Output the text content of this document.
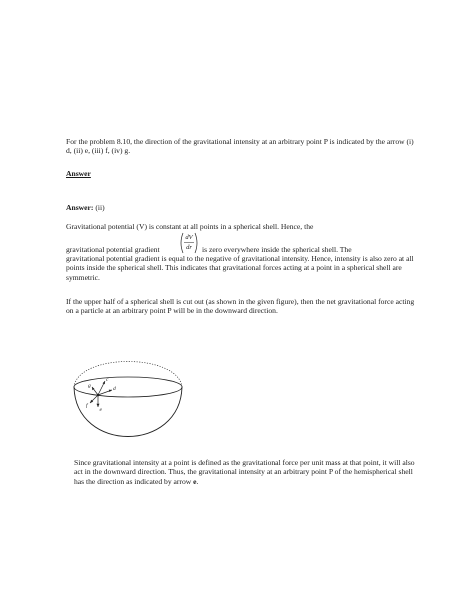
For the problem 8.10, the direction of the gravitational intensity at an arbitrary point P is indicated by the arrow (i) d, (ii) e, (iii) f, (iv) g.
Answer
Answer: (ii)
Gravitational potential (V) is constant at all points in a spherical shell. Hence, the
dV
dr
gravitational potential gradient	is zero everywhere inside the spherical shell. The
gravitational potential gradient is equal to the negative of gravitational intensity. Hence, intensity is also zero at all points inside the spherical shell. This indicates that gravitational forces acting at a point in a spherical shell are symmetric.
If the upper half of a spherical shell is cut out (as shown in the given figure), then the net gravitational force acting on a particle at an arbitrary point P will be in the downward direction.
c
d
e
f
g
Since gravitational intensity at a point is defined as the gravitational force per unit mass at that point, it will also act in the downward direction. Thus, the gravitational intensity at an arbitrary point P of the hemispherical shell has the direction as indicated by arrow e.
